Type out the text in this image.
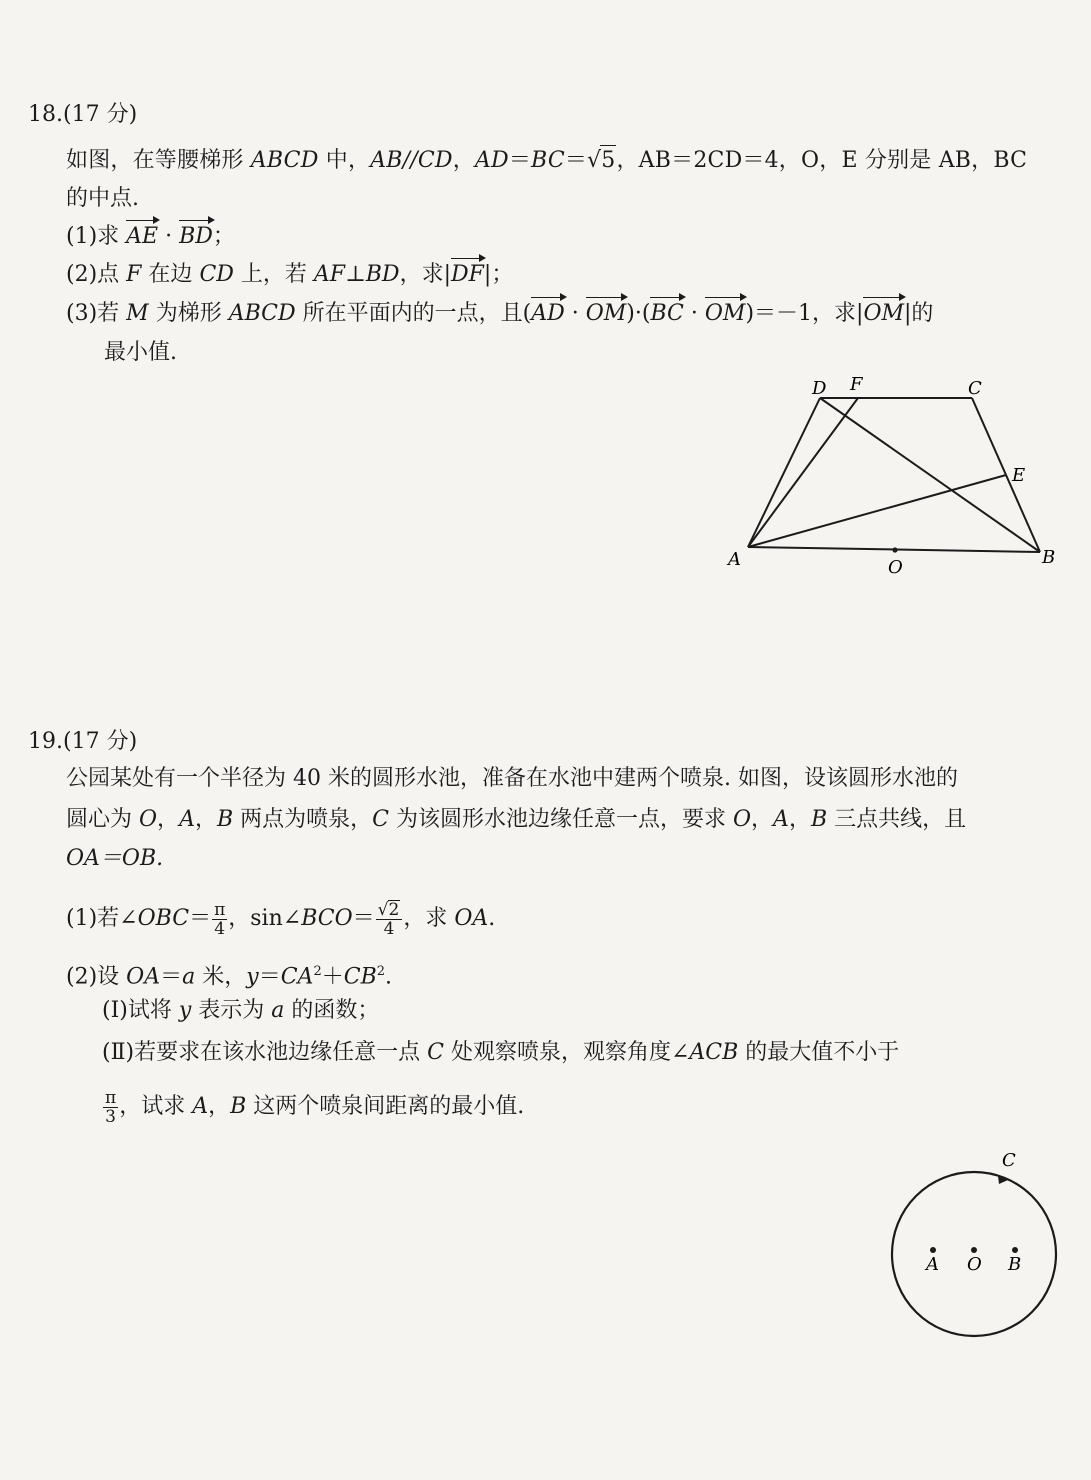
18.(17 分)
如图，在等腰梯形 ABCD 中，AB//CD，AD＝BC＝√5，AB＝2CD＝4，O，E 分别是 AB，BC
的中点.
(1)求 AE · BD；
(2)点 F 在边 CD 上，若 AF⊥BD，求|DF|；
(3)若 M 为梯形 ABCD 所在平面内的一点，且(AD · OM)·(BC · OM)＝－1，求|OM|的
最小值.
D F	C
E
A	O	B
19.(17 分)
公园某处有一个半径为 40 米的圆形水池，准备在水池中建两个喷泉. 如图，设该圆形水池的
圆心为 O，A，B 两点为喷泉，C 为该圆形水池边缘任意一点，要求 O，A，B 三点共线，且
OA＝OB.
(1)若∠OBC＝ $\frac{\pi}{4}$ ，sin∠BCO＝ $\frac{√2}{4}$ ，求 OA.
(2)设 OA＝a 米，$y=CA^2+CB^2$.
(Ⅰ)试将 y 表示为 a 的函数；
(Ⅱ)若要求在该水池边缘任意一点 C 处观察喷泉，观察角度∠ACB 的最大值不小于
$\frac{\pi}{3}$ ，试求 A，B 这两个喷泉间距离的最小值.
C
A O B
